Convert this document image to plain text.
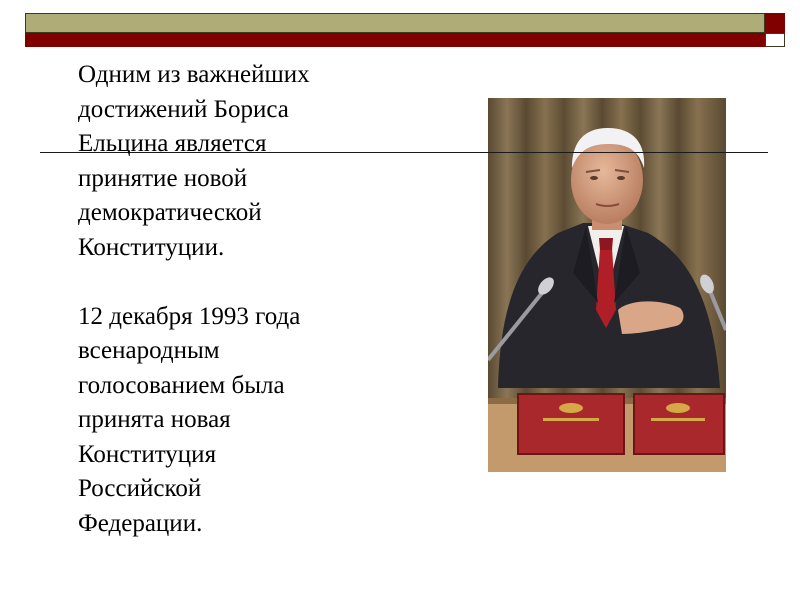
Одним из важнейших
достижений Бориса
Ельцина является
принятие новой
демократической
Конституции.

12 декабря 1993 года
всенародным
голосованием была
принята новая
Конституция
Российской
Федерации.
